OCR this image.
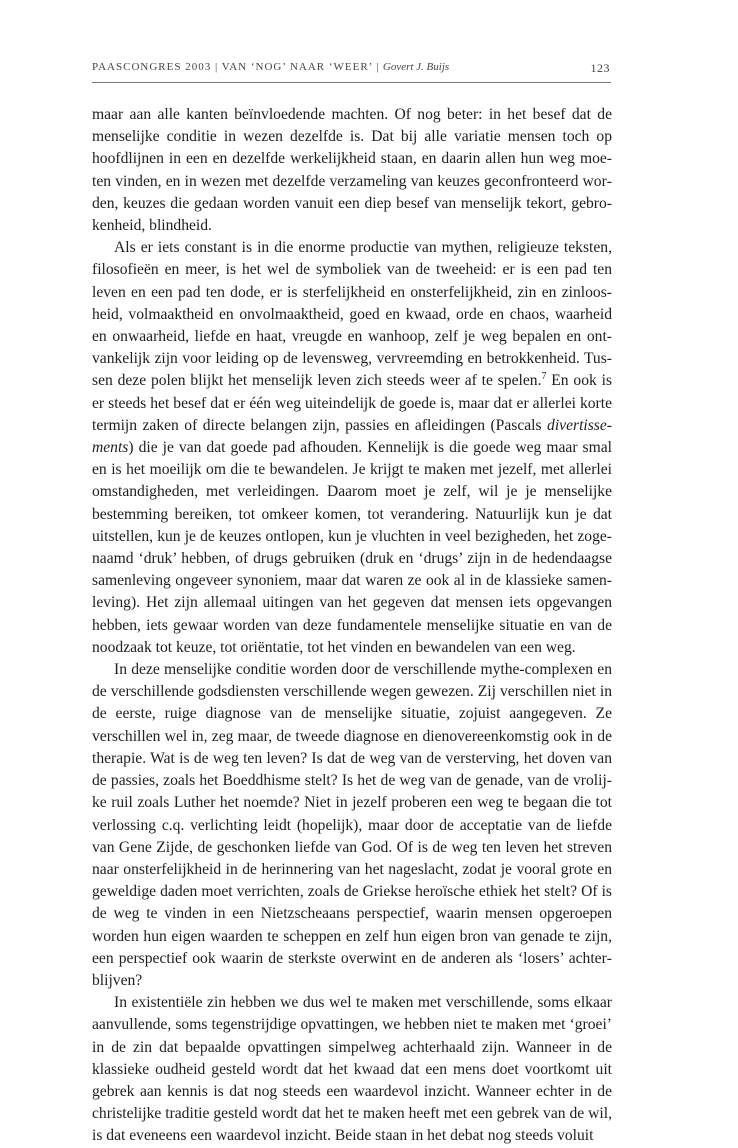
PAASCONGRES 2003 | VAN ‘NOG’ NAAR ‘WEER’ | Govert J. Buijs	123

maar aan alle kanten beïnvloedende machten. Of nog beter: in het besef dat de menselijke conditie in wezen dezelfde is. Dat bij alle variatie mensen toch op hoofdlijnen in een en dezelfde werkelijkheid staan, en daarin allen hun weg moeten vinden, en in wezen met dezelfde verzameling van keuzes geconfronteerd worden, keuzes die gedaan worden vanuit een diep besef van menselijk tekort, gebrokenheid, blindheid.

Als er iets constant is in die enorme productie van mythen, religieuze teksten, filosofieën en meer, is het wel de symboliek van de tweeheid: er is een pad ten leven en een pad ten dode, er is sterfelijkheid en onsterfelijkheid, zin en zinloosheid, volmaaktheid en onvolmaaktheid, goed en kwaad, orde en chaos, waarheid en onwaarheid, liefde en haat, vreugde en wanhoop, zelf je weg bepalen en ontvankelijk zijn voor leiding op de levensweg, vervreemding en betrokkenheid. Tussen deze polen blijkt het menselijk leven zich steeds weer af te spelen.$^7$ En ook is er steeds het besef dat er één weg uiteindelijk de goede is, maar dat er allerlei korte termijn zaken of directe belangen zijn, passies en afleidingen (Pascals divertissements) die je van dat goede pad afhouden. Kennelijk is die goede weg maar smal en is het moeilijk om die te bewandelen. Je krijgt te maken met jezelf, met allerlei omstandigheden, met verleidingen. Daarom moet je zelf, wil je je menselijke bestemming bereiken, tot omkeer komen, tot verandering. Natuurlijk kun je dat uitstellen, kun je de keuzes ontlopen, kun je vluchten in veel bezigheden, het zogenaamd ‘druk’ hebben, of drugs gebruiken (druk en ‘drugs’ zijn in de hedendaagse samenleving ongeveer synoniem, maar dat waren ze ook al in de klassieke samenleving). Het zijn allemaal uitingen van het gegeven dat mensen iets opgevangen hebben, iets gewaar worden van deze fundamentele menselijke situatie en van de noodzaak tot keuze, tot oriëntatie, tot het vinden en bewandelen van een weg.

In deze menselijke conditie worden door de verschillende mythe-complexen en de verschillende godsdiensten verschillende wegen gewezen. Zij verschillen niet in de eerste, ruige diagnose van de menselijke situatie, zojuist aangegeven. Ze verschillen wel in, zeg maar, de tweede diagnose en dienovereenkomstig ook in de therapie. Wat is de weg ten leven? Is dat de weg van de versterving, het doven van de passies, zoals het Boeddhisme stelt? Is het de weg van de genade, van de vrolijke ruil zoals Luther het noemde? Niet in jezelf proberen een weg te begaan die tot verlossing c.q. verlichting leidt (hopelijk), maar door de acceptatie van de liefde van Gene Zijde, de geschonken liefde van God. Of is de weg ten leven het streven naar onsterfelijkheid in de herinnering van het nageslacht, zodat je vooral grote en geweldige daden moet verrichten, zoals de Griekse heroïsche ethiek het stelt? Of is de weg te vinden in een Nietzscheaans perspectief, waarin mensen opgeroepen worden hun eigen waarden te scheppen en zelf hun eigen bron van genade te zijn, een perspectief ook waarin de sterkste overwint en de anderen als ‘losers’ achterblijven?

In existentiële zin hebben we dus wel te maken met verschillende, soms elkaar aanvullende, soms tegenstrijdige opvattingen, we hebben niet te maken met ‘groei’ in de zin dat bepaalde opvattingen simpelweg achterhaald zijn. Wanneer in de klassieke oudheid gesteld wordt dat het kwaad dat een mens doet voortkomt uit gebrek aan kennis is dat nog steeds een waardevol inzicht. Wanneer echter in de christelijke traditie gesteld wordt dat het te maken heeft met een gebrek van de wil, is dat eveneens een waardevol inzicht. Beide staan in het debat nog steeds voluit
